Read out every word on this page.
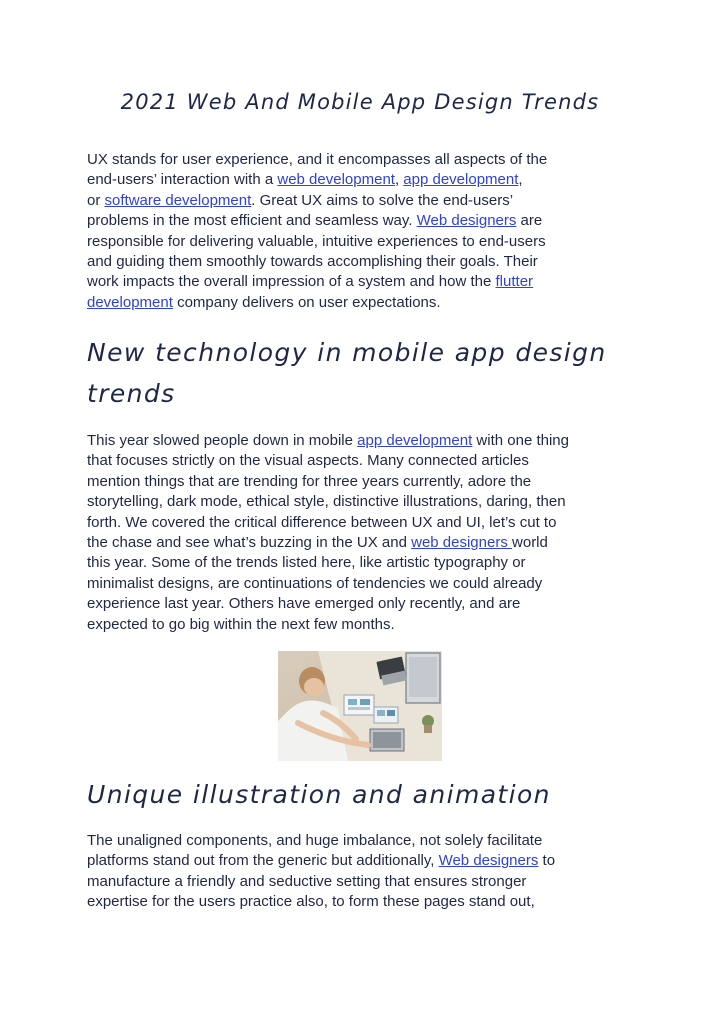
2021 Web And Mobile App Design Trends
UX stands for user experience, and it encompasses all aspects of the
end-users’ interaction with a web development, app development,
or software development. Great UX aims to solve the end-users’
problems in the most efficient and seamless way. Web designers are
responsible for delivering valuable, intuitive experiences to end-users
and guiding them smoothly towards accomplishing their goals. Their
work impacts the overall impression of a system and how the flutter
development company delivers on user expectations.
New technology in mobile app design
trends
This year slowed people down in mobile app development with one thing
that focuses strictly on the visual aspects. Many connected articles
mention things that are trending for three years currently, adore the
storytelling, dark mode, ethical style, distinctive illustrations, daring, then
forth. We covered the critical difference between UX and UI, let’s cut to
the chase and see what’s buzzing in the UX and web designers world
this year. Some of the trends listed here, like artistic typography or
minimalist designs, are continuations of tendencies we could already
experience last year. Others have emerged only recently, and are
expected to go big within the next few months.
Unique illustration and animation
The unaligned components, and huge imbalance, not solely facilitate
platforms stand out from the generic but additionally, Web designers to
manufacture a friendly and seductive setting that ensures stronger
expertise for the users practice also, to form these pages stand out,
